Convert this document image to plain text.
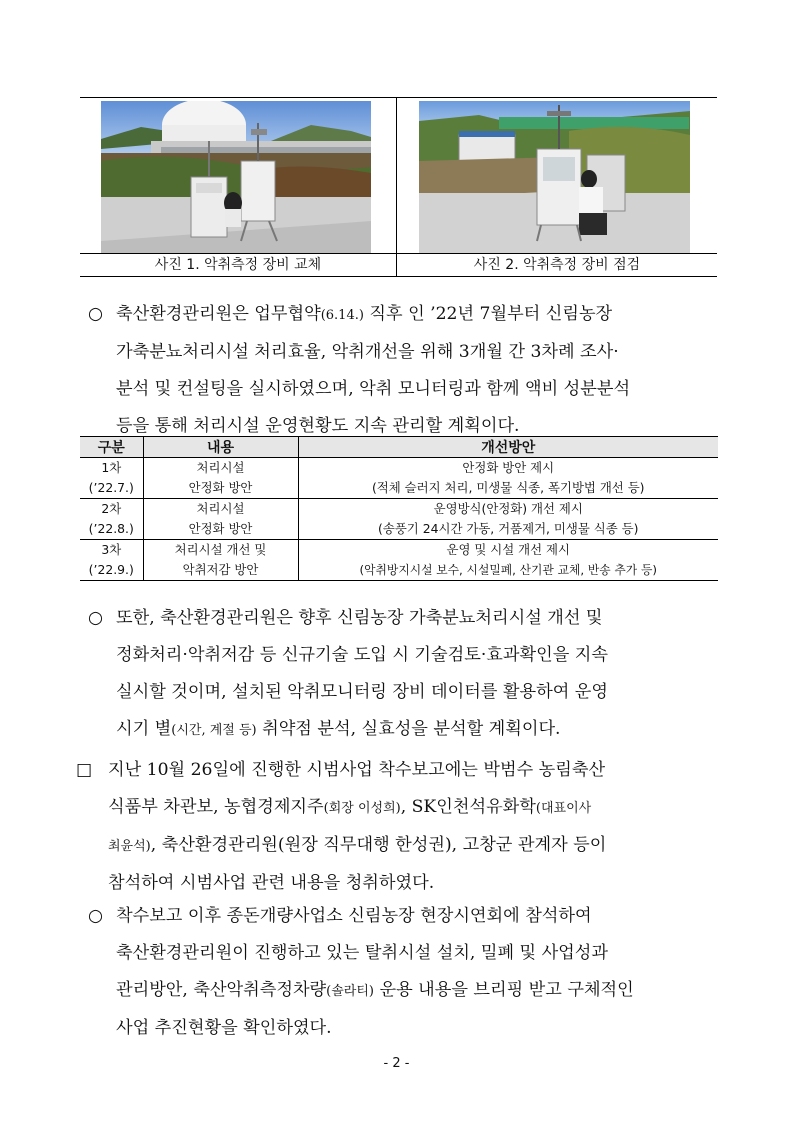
사진 1. 악취측정 장비 교체	사진 2. 악취측정 장비 점검
○ 축산환경관리원은 업무협약(6.14.) 직후 인 ’22년 7월부터 신림농장
가축분뇨처리시설 처리효율, 악취개선을 위해 3개월 간 3차례 조사·
분석 및 컨설팅을 실시하였으며, 악취 모니터링과 함께 액비 성분분석
등을 통해 처리시설 운영현황도 지속 관리할 계획이다.
구분	내용	개선방안
1차	처리시설	안정화 방안 제시
(’22.7.)	안정화 방안	(적체 슬러지 처리, 미생물 식종, 폭기방법 개선 등)
2차	처리시설	운영방식(안정화) 개선 제시
(’22.8.)	안정화 방안	(송풍기 24시간 가동, 거품제거, 미생물 식종 등)
3차	처리시설 개선 및	운영 및 시설 개선 제시
(’22.9.)	악취저감 방안	(악취방지시설 보수, 시설밀폐, 산기관 교체, 반송 추가 등)
○ 또한, 축산환경관리원은 향후 신림농장 가축분뇨처리시설 개선 및
정화처리·악취저감 등 신규기술 도입 시 기술검토·효과확인을 지속
실시할 것이며, 설치된 악취모니터링 장비 데이터를 활용하여 운영
시기 별(시간, 계절 등) 취약점 분석, 실효성을 분석할 계획이다.
□ 지난 10월 26일에 진행한 시범사업 착수보고에는 박범수 농림축산
식품부 차관보, 농협경제지주(회장 이성희), SK인천석유화학(대표이사
최윤석), 축산환경관리원(원장 직무대행 한성권), 고창군 관계자 등이
참석하여 시범사업 관련 내용을 청취하였다.
○ 착수보고 이후 종돈개량사업소 신림농장 현장시연회에 참석하여
축산환경관리원이 진행하고 있는 탈취시설 설치, 밀폐 및 사업성과
관리방안, 축산악취측정차량(솔라티) 운용 내용을 브리핑 받고 구체적인
사업 추진현황을 확인하였다.
- 2 -
